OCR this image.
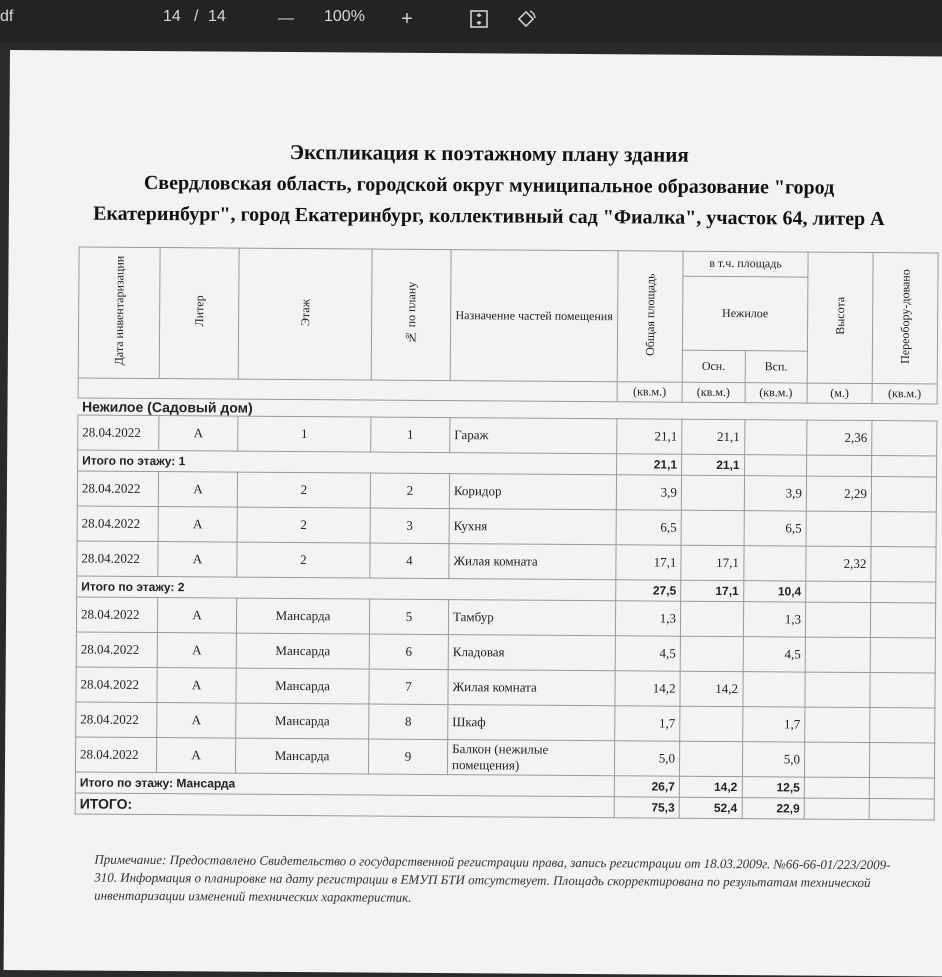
df	14 / 14	—	100%	+
Экспликация к поэтажному плану здания
Свердловская область, городской округ муниципальное образование "город
Екатеринбург", город Екатеринбург, коллективный сад "Фиалка", участок 64, литер А
Дата инвентаризации	Литер	Этаж	№ по плану	Назначение частей помещения	Общая площадь	в т.ч. площадь		Высота	Переобору-довано
						Нежилое			
						Осн.	Всп.		
					(кв.м.)	(кв.м.)	(кв.м.)	(м.)	(кв.м.)
Нежилое (Садовый дом)									
28.04.2022	А	1	1	Гараж	21,1	21,1		2,36	
Итого по этажу: 1					21,1	21,1			
28.04.2022	А	2	2	Коридор	3,9		3,9	2,29	
28.04.2022	А	2	3	Кухня	6,5		6,5		
28.04.2022	А	2	4	Жилая комната	17,1	17,1		2,32	
Итого по этажу: 2					27,5	17,1	10,4		
28.04.2022	А	Мансарда	5	Тамбур	1,3		1,3		
28.04.2022	А	Мансарда	6	Кладовая	4,5		4,5		
28.04.2022	А	Мансарда	7	Жилая комната	14,2	14,2			
28.04.2022	А	Мансарда	8	Шкаф	1,7		1,7		
28.04.2022	А	Мансарда	9	Балкон (нежилые помещения)	5,0		5,0		
Итого по этажу: Мансарда					26,7	14,2	12,5		
ИТОГО:					75,3	52,4	22,9		
Примечание: Предоставлено Свидетельство о государственной регистрации права, запись регистрации от 18.03.2009г. №66-66-01/223/2009-310. Информация о планировке на дату регистрации в ЕМУП БТИ отсутствует. Площадь скорректирована по результатам технической инвентаризации изменений технических характеристик.
